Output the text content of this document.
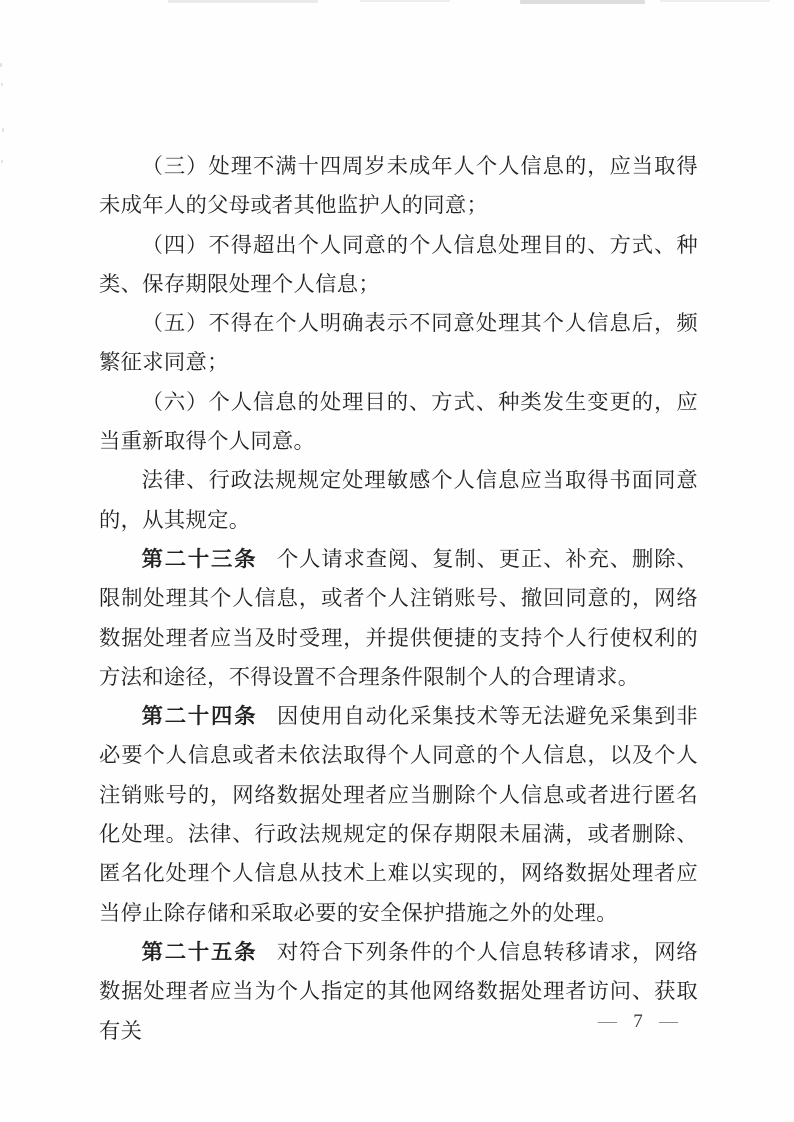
（三）处理不满十四周岁未成年人个人信息的，应当取得未成年人的父母或者其他监护人的同意；

（四）不得超出个人同意的个人信息处理目的、方式、种类、保存期限处理个人信息；

（五）不得在个人明确表示不同意处理其个人信息后，频繁征求同意；

（六）个人信息的处理目的、方式、种类发生变更的，应当重新取得个人同意。

法律、行政法规规定处理敏感个人信息应当取得书面同意的，从其规定。

第二十三条 个人请求查阅、复制、更正、补充、删除、限制处理其个人信息，或者个人注销账号、撤回同意的，网络数据处理者应当及时受理，并提供便捷的支持个人行使权利的方法和途径，不得设置不合理条件限制个人的合理请求。

第二十四条 因使用自动化采集技术等无法避免采集到非必要个人信息或者未依法取得个人同意的个人信息，以及个人注销账号的，网络数据处理者应当删除个人信息或者进行匿名化处理。法律、行政法规规定的保存期限未届满，或者删除、匿名化处理个人信息从技术上难以实现的，网络数据处理者应当停止除存储和采取必要的安全保护措施之外的处理。

第二十五条 对符合下列条件的个人信息转移请求，网络数据处理者应当为个人指定的其他网络数据处理者访问、获取有关	— 7 —
